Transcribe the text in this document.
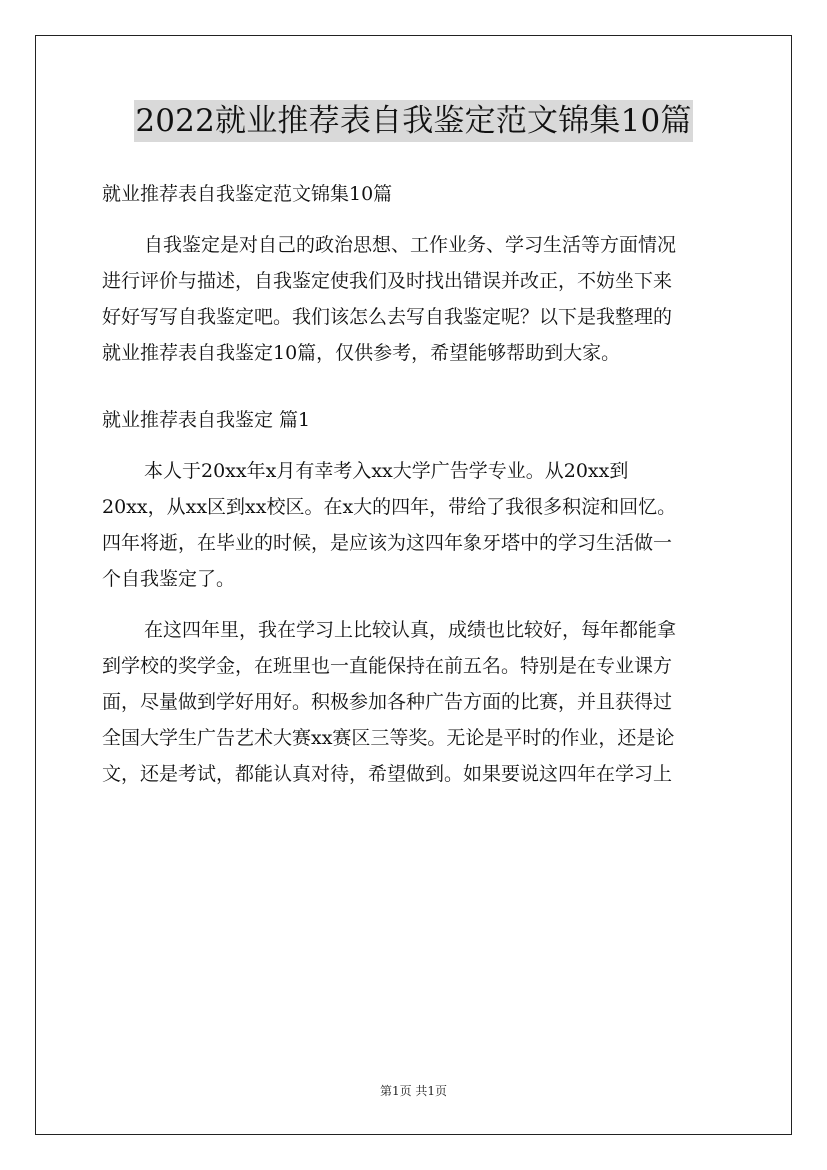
2022就业推荐表自我鉴定范文锦集10篇
就业推荐表自我鉴定范文锦集10篇
自我鉴定是对自己的政治思想、工作业务、学习生活等方面情况
进行评价与描述，自我鉴定使我们及时找出错误并改正，不妨坐下来
好好写写自我鉴定吧。我们该怎么去写自我鉴定呢？以下是我整理的
就业推荐表自我鉴定10篇，仅供参考，希望能够帮助到大家。
就业推荐表自我鉴定 篇1
本人于20xx年x月有幸考入xx大学广告学专业。从20xx到
20xx，从xx区到xx校区。在x大的四年，带给了我很多积淀和回忆。
四年将逝，在毕业的时候，是应该为这四年象牙塔中的学习生活做一
个自我鉴定了。
在这四年里，我在学习上比较认真，成绩也比较好，每年都能拿
到学校的奖学金，在班里也一直能保持在前五名。特别是在专业课方
面，尽量做到学好用好。积极参加各种广告方面的比赛，并且获得过
全国大学生广告艺术大赛xx赛区三等奖。无论是平时的作业，还是论
文，还是考试，都能认真对待，希望做到。如果要说这四年在学习上
第1页 共1页
